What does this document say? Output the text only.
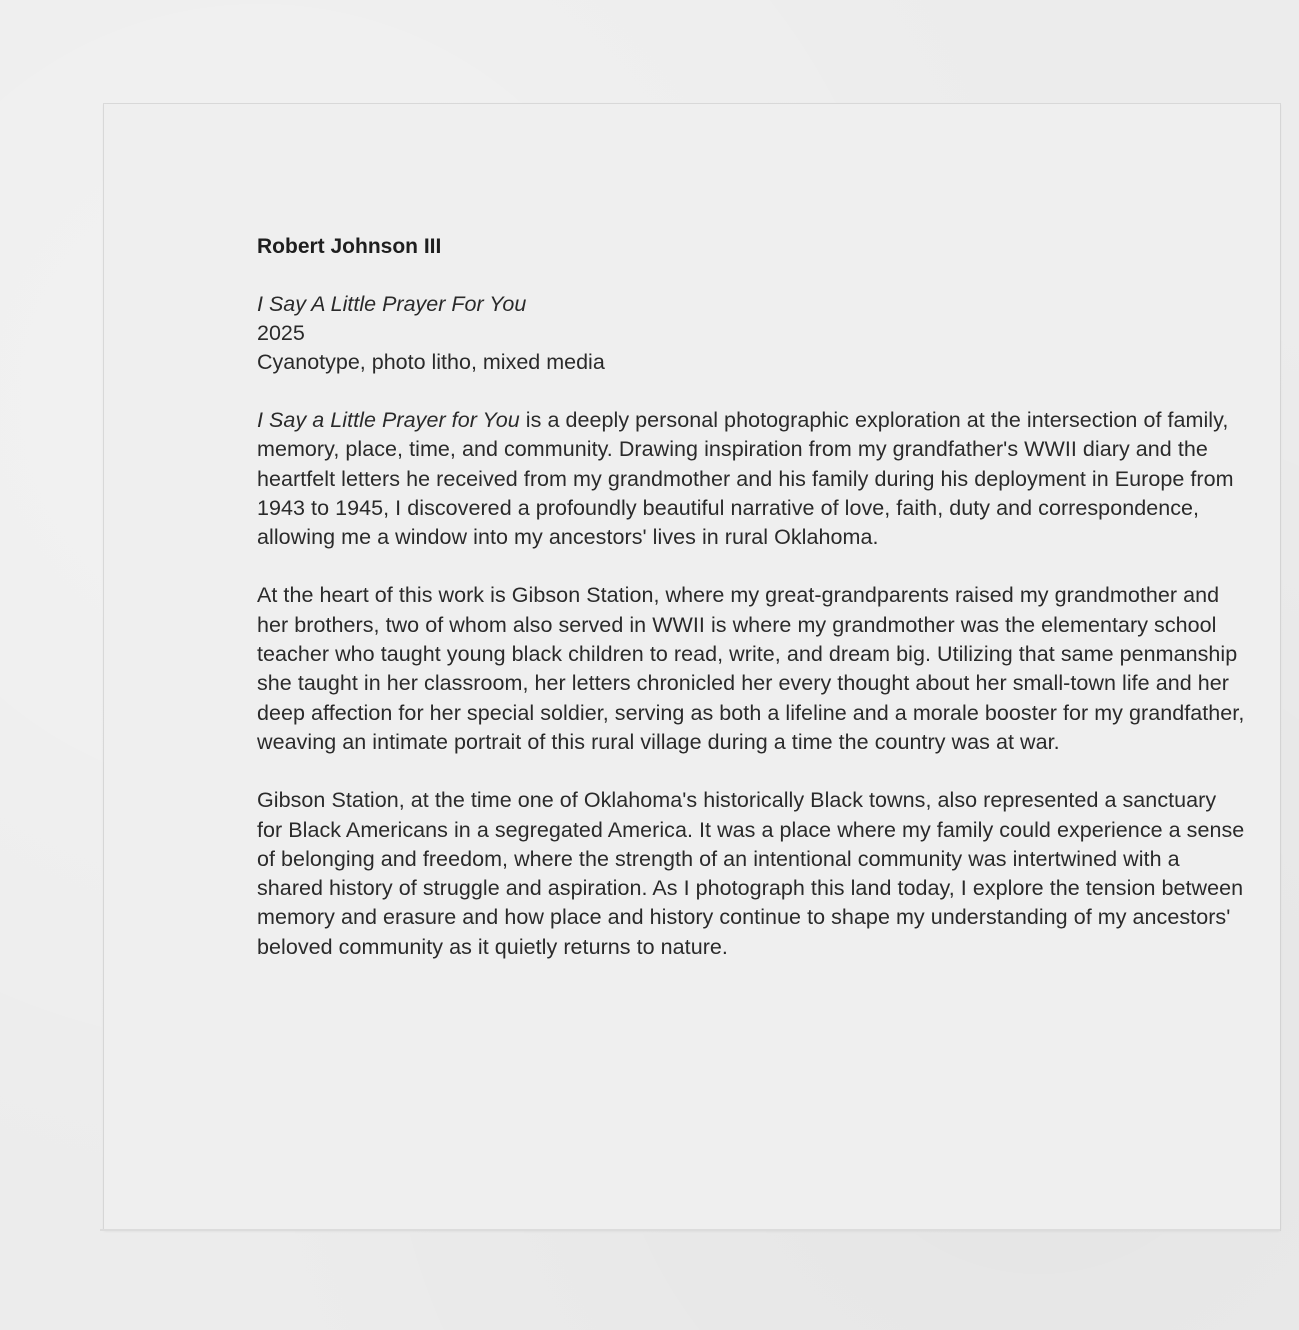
Robert Johnson III

I Say A Little Prayer For You
2025
Cyanotype, photo litho, mixed media

I Say a Little Prayer for You is a deeply personal photographic exploration at the intersection of family, memory, place, time, and community. Drawing inspiration from my grandfather's WWII diary and the heartfelt letters he received from my grandmother and his family during his deployment in Europe from 1943 to 1945, I discovered a profoundly beautiful narrative of love, faith, duty and correspondence, allowing me a window into my ancestors' lives in rural Oklahoma.

At the heart of this work is Gibson Station, where my great-grandparents raised my grandmother and her brothers, two of whom also served in WWII is where my grandmother was the elementary school teacher who taught young black children to read, write, and dream big. Utilizing that same penmanship she taught in her classroom, her letters chronicled her every thought about her small-town life and her deep affection for her special soldier, serving as both a lifeline and a morale booster for my grandfather, weaving an intimate portrait of this rural village during a time the country was at war.

Gibson Station, at the time one of Oklahoma's historically Black towns, also represented a sanctuary for Black Americans in a segregated America. It was a place where my family could experience a sense of belonging and freedom, where the strength of an intentional community was intertwined with a shared history of struggle and aspiration. As I photograph this land today, I explore the tension between memory and erasure and how place and history continue to shape my understanding of my ancestors' beloved community as it quietly returns to nature.
